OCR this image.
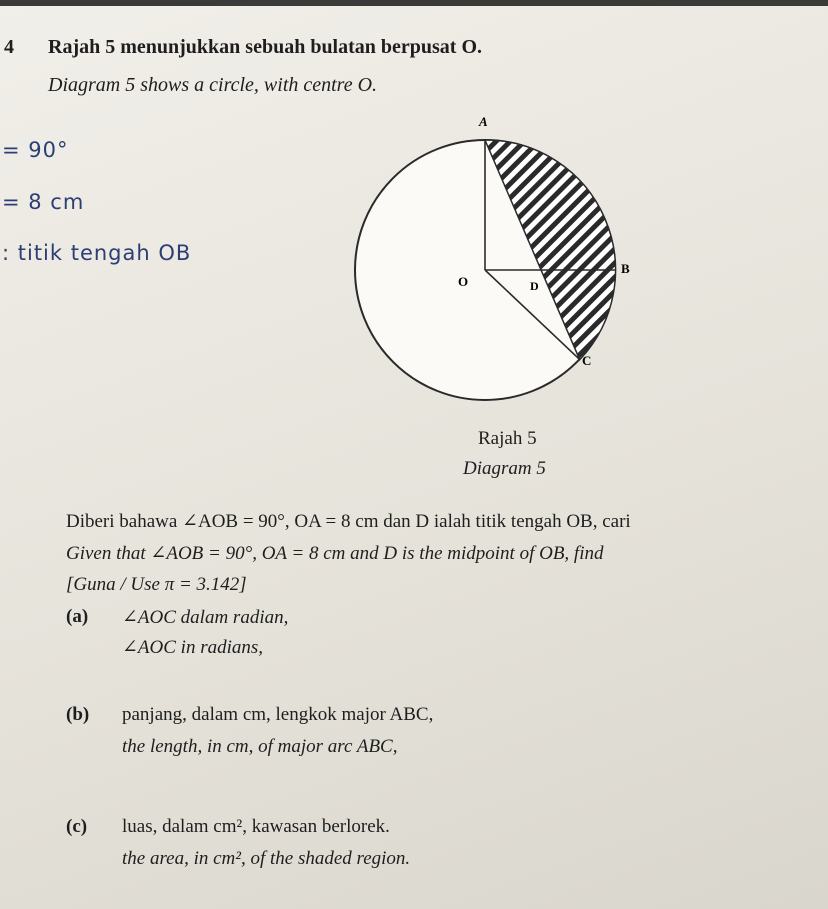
4 Rajah 5 menunjukkan sebuah bulatan berpusat O.
Diagram 5 shows a circle, with centre O.
= 90°
= 8 cm
: titik tengah OB
A
O	D
B
C
Rajah 5
Diagram 5
Diberi bahawa ∠AOB = 90°, OA = 8 cm dan D ialah titik tengah OB, cari
Given that ∠AOB = 90°, OA = 8 cm and D is the midpoint of OB, find
[Guna / Use π = 3.142]
(a) ∠AOC dalam radian,
∠AOC in radians,
(b) panjang, dalam cm, lengkok major ABC,
the length, in cm, of major arc ABC,
(c) luas, dalam cm², kawasan berlorek.
the area, in cm², of the shaded region.
